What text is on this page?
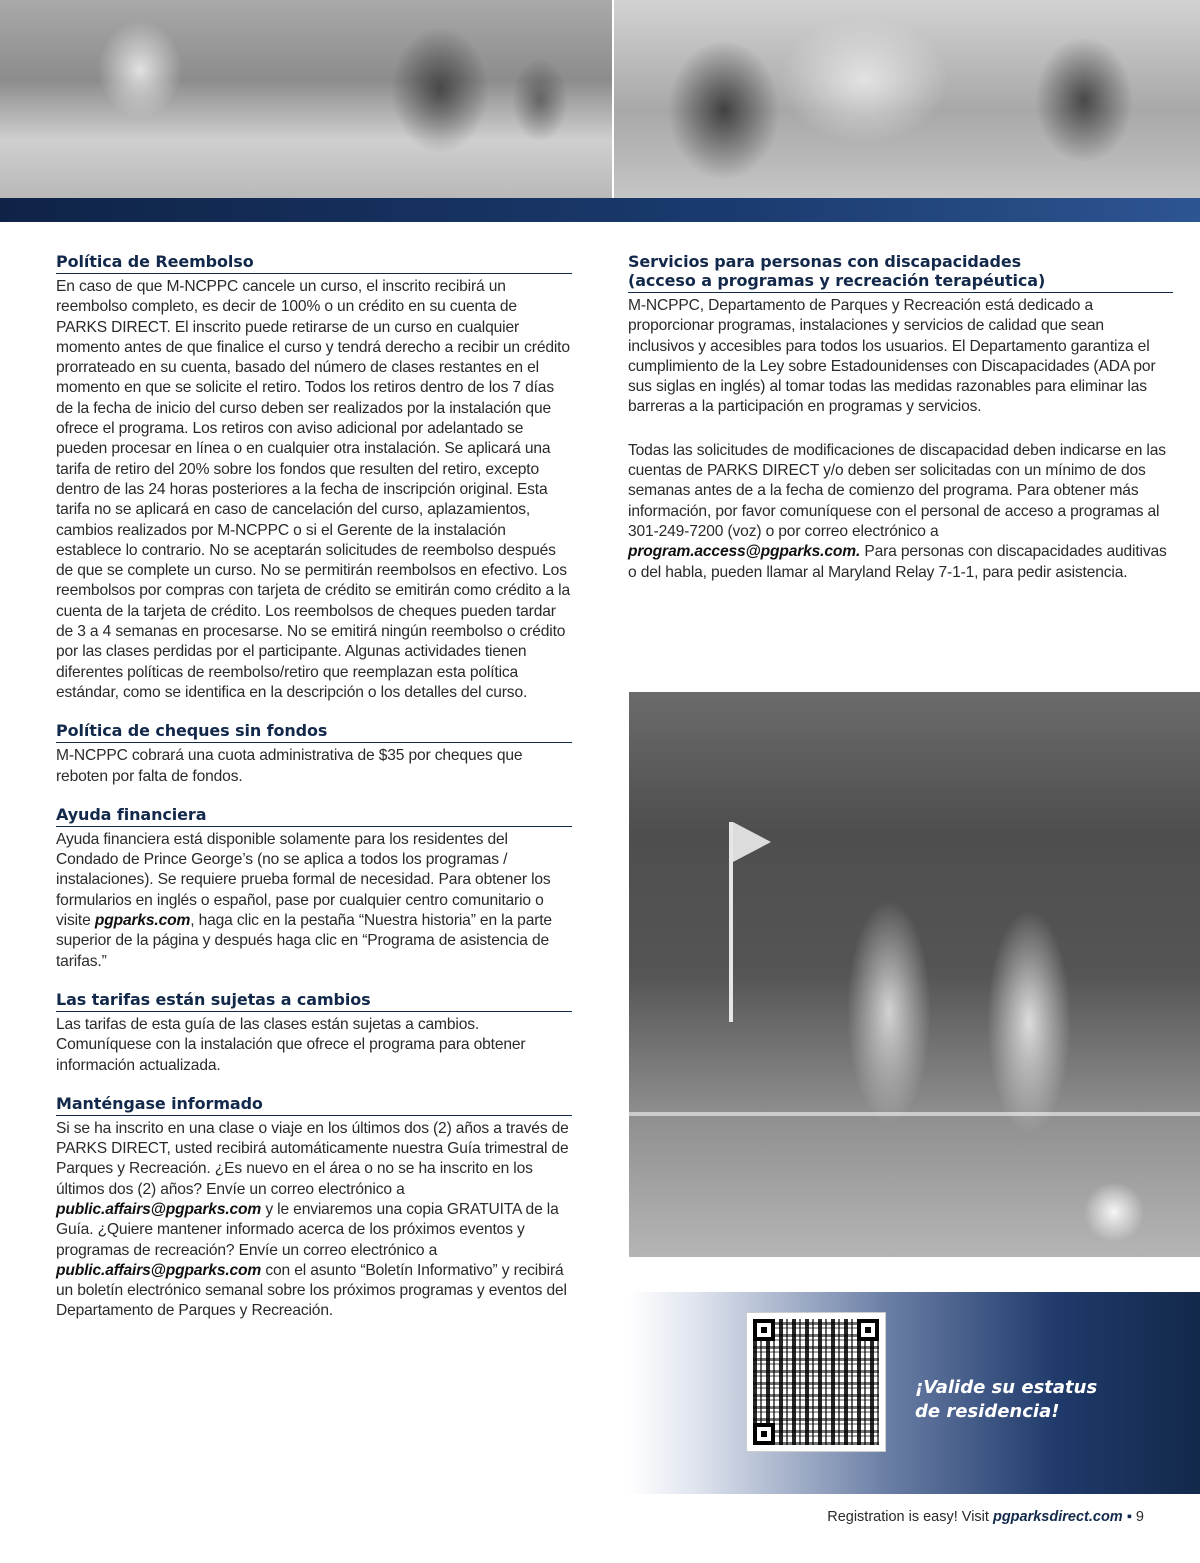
Política de Reembolso

En caso de que M-NCPPC cancele un curso, el inscrito recibirá un reembolso completo, es decir de 100% o un crédito en su cuenta de PARKS DIRECT. El inscrito puede retirarse de un curso en cualquier momento antes de que finalice el curso y tendrá derecho a recibir un crédito prorrateado en su cuenta, basado del número de clases restantes en el momento en que se solicite el retiro. Todos los retiros dentro de los 7 días de la fecha de inicio del curso deben ser realizados por la instalación que ofrece el programa. Los retiros con aviso adicional por adelantado se pueden procesar en línea o en cualquier otra instalación. Se aplicará una tarifa de retiro del 20% sobre los fondos que resulten del retiro, excepto dentro de las 24 horas posteriores a la fecha de inscripción original. Esta tarifa no se aplicará en caso de cancelación del curso, aplazamientos, cambios realizados por M-NCPPC o si el Gerente de la instalación establece lo contrario. No se aceptarán solicitudes de reembolso después de que se complete un curso. No se permitirán reembolsos en efectivo. Los reembolsos por compras con tarjeta de crédito se emitirán como crédito a la cuenta de la tarjeta de crédito. Los reembolsos de cheques pueden tardar de 3 a 4 semanas en procesarse. No se emitirá ningún reembolso o crédito por las clases perdidas por el participante. Algunas actividades tienen diferentes políticas de reembolso/retiro que reemplazan esta política estándar, como se identifica en la descripción o los detalles del curso.

Política de cheques sin fondos

M-NCPPC cobrará una cuota administrativa de $35 por cheques que reboten por falta de fondos.

Ayuda financiera

Ayuda financiera está disponible solamente para los residentes del Condado de Prince George’s (no se aplica a todos los programas / instalaciones). Se requiere prueba formal de necesidad. Para obtener los formularios en inglés o español, pase por cualquier centro comunitario o visite pgparks.com, haga clic en la pestaña “Nuestra historia” en la parte superior de la página y después haga clic en “Programa de asistencia de tarifas.”

Las tarifas están sujetas a cambios

Las tarifas de esta guía de las clases están sujetas a cambios. Comuníquese con la instalación que ofrece el programa para obtener información actualizada.

Manténgase informado

Si se ha inscrito en una clase o viaje en los últimos dos (2) años a través de PARKS DIRECT, usted recibirá automáticamente nuestra Guía trimestral de Parques y Recreación. ¿Es nuevo en el área o no se ha inscrito en los últimos dos (2) años? Envíe un correo electrónico a public.affairs@pgparks.com y le enviaremos una copia GRATUITA de la Guía. ¿Quiere mantener informado acerca de los próximos eventos y programas de recreación? Envíe un correo electrónico a public.affairs@pgparks.com con el asunto “Boletín Informativo” y recibirá un boletín electrónico semanal sobre los próximos programas y eventos del Departamento de Parques y Recreación.

Servicios para personas con discapacidades
(acceso a programas y recreación terapéutica)

M-NCPPC, Departamento de Parques y Recreación está dedicado a proporcionar programas, instalaciones y servicios de calidad que sean inclusivos y accesibles para todos los usuarios. El Departamento garantiza el cumplimiento de la Ley sobre Estadounidenses con Discapacidades (ADA por sus siglas en inglés) al tomar todas las medidas razonables para eliminar las barreras a la participación en programas y servicios.

Todas las solicitudes de modificaciones de discapacidad deben indicarse en las cuentas de PARKS DIRECT y/o deben ser solicitadas con un mínimo de dos semanas antes de a la fecha de comienzo del programa. Para obtener más información, por favor comuníquese con el personal de acceso a programas al 301-249-7200 (voz) o por correo electrónico a
program.access@pgparks.com. Para personas con discapacidades auditivas o del habla, pueden llamar al Maryland Relay 7-1-1, para pedir asistencia.

¡Valide su estatus
de residencia!
Registration is easy! Visit pgparksdirect.com ▪ 9
